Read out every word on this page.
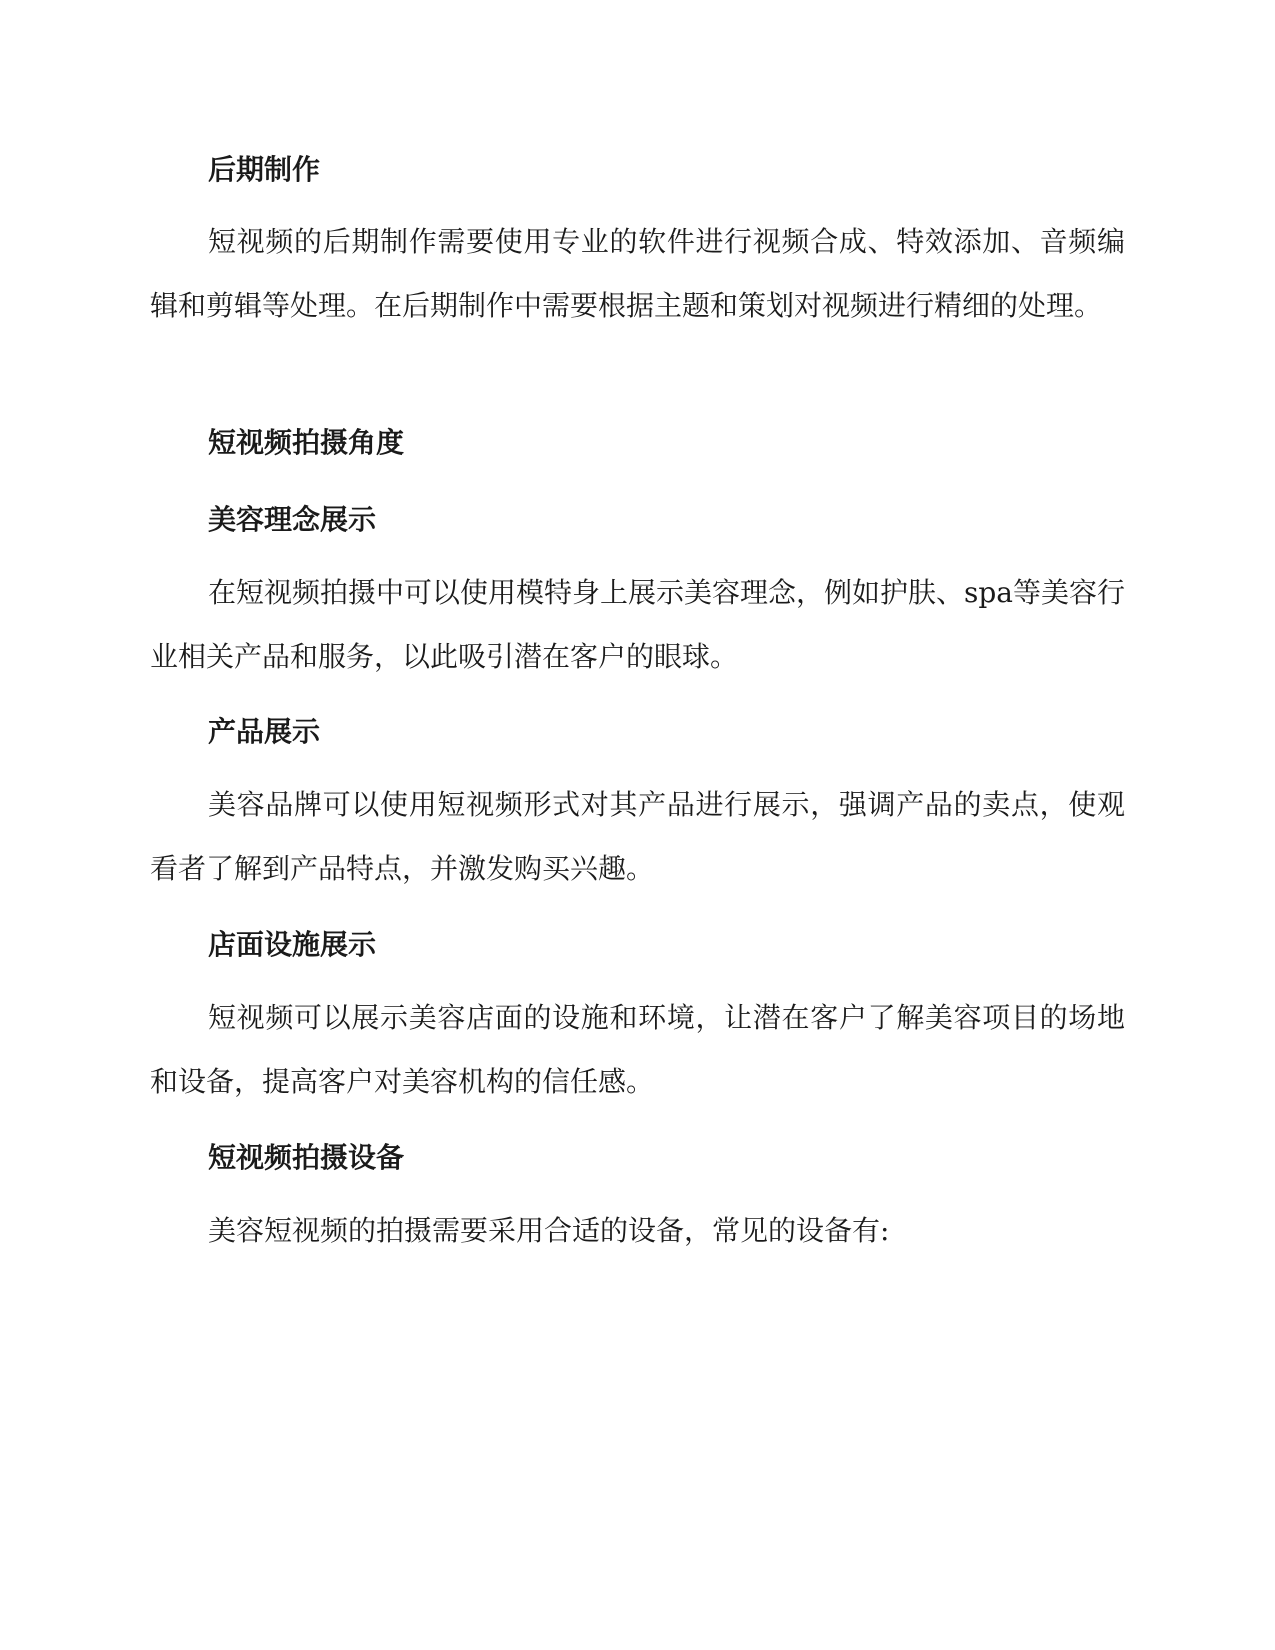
后期制作

短视频的后期制作需要使用专业的软件进行视频合成、特效添加、音频编辑和剪辑等处理。在后期制作中需要根据主题和策划对视频进行精细的处理。

短视频拍摄角度
美容理念展示

在短视频拍摄中可以使用模特身上展示美容理念，例如护肤、spa等美容行业相关产品和服务，以此吸引潜在客户的眼球。

产品展示

美容品牌可以使用短视频形式对其产品进行展示，强调产品的卖点，使观看者了解到产品特点，并激发购买兴趣。

店面设施展示

短视频可以展示美容店面的设施和环境，让潜在客户了解美容项目的场地和设备，提高客户对美容机构的信任感。

短视频拍摄设备

美容短视频的拍摄需要采用合适的设备，常见的设备有:
